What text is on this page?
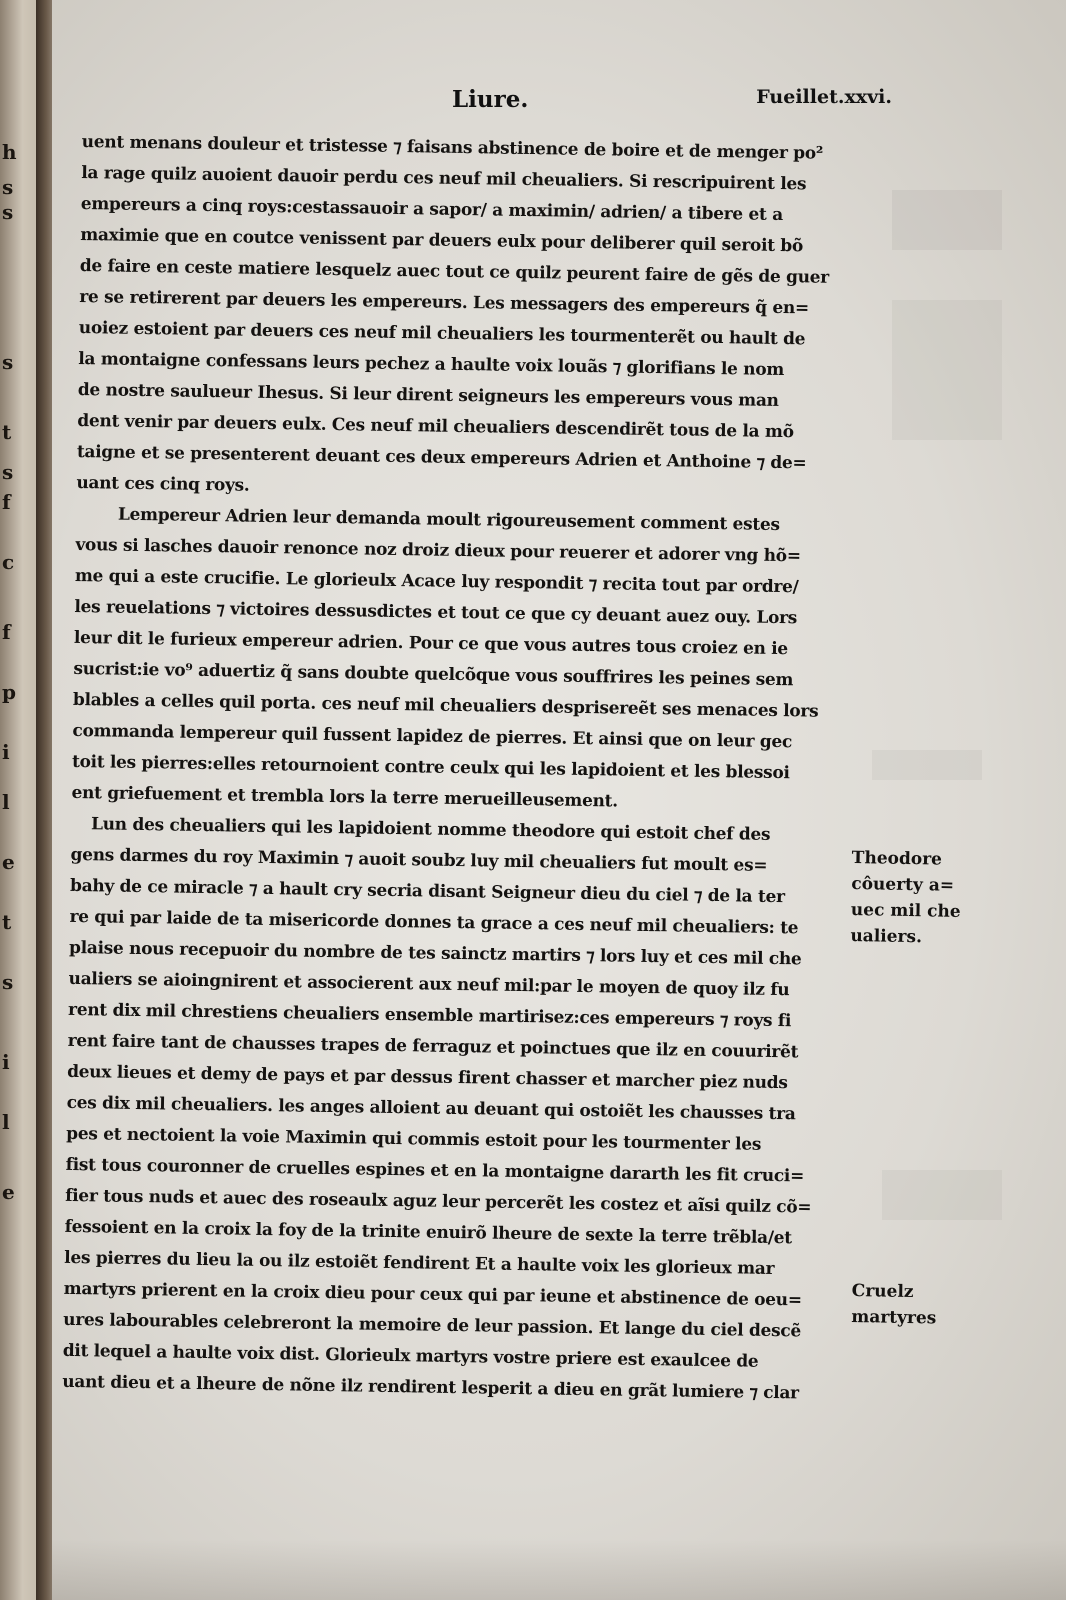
h
s
s
s
t
s
f
c
f
p
i
l
e
t
s
i
l
e
Liure.	Fueillet.xxvi.
uent menans douleur et tristesse ⁊ faisans abstinence de boire et de menger po²
la rage quilz auoient dauoir perdu ces neuf mil cheualiers. Si rescripuirent les
empereurs a cinq roys:cestassauoir a sapor/ a maximin/ adrien/ a tibere et a
maximie que en coutce venissent par deuers eulx pour deliberer quil seroit bõ
de faire en ceste matiere lesquelz auec tout ce quilz peurent faire de gẽs de guer
re se retirerent par deuers les empereurs. Les messagers des empereurs q̃ en=
uoiez estoient par deuers ces neuf mil cheualiers les tourmenterẽt ou hault de
la montaigne confessans leurs pechez a haulte voix louãs ⁊ glorifians le nom
de nostre saulueur Ihesus. Si leur dirent seigneurs les empereurs vous man
dent venir par deuers eulx. Ces neuf mil cheualiers descendirẽt tous de la mõ
taigne et se presenterent deuant ces deux empereurs Adrien et Anthoine ⁊ de=
uant ces cinq roys.
Lempereur Adrien leur demanda moult rigoureusement comment estes
vous si lasches dauoir renonce noz droiz dieux pour reuerer et adorer vng hõ=
me qui a este crucifie. Le glorieulx Acace luy respondit ⁊ recita tout par ordre/
les reuelations ⁊ victoires dessusdictes et tout ce que cy deuant auez ouy. Lors
leur dit le furieux empereur adrien. Pour ce que vous autres tous croiez en ie
sucrist:ie vo⁹ aduertiz q̃ sans doubte quelcõque vous souffrires les peines sem
blables a celles quil porta. ces neuf mil cheualiers desprisereẽt ses menaces lors
commanda lempereur quil fussent lapidez de pierres. Et ainsi que on leur gec
toit les pierres:elles retournoient contre ceulx qui les lapidoient et les blessoi
ent griefuement et trembla lors la terre merueilleusement.
Lun des cheualiers qui les lapidoient nomme theodore qui estoit chef des
gens darmes du roy Maximin ⁊ auoit soubz luy mil cheualiers fut moult es=
bahy de ce miracle ⁊ a hault cry secria disant Seigneur dieu du ciel ⁊ de la ter
re qui par laide de ta misericorde donnes ta grace a ces neuf mil cheualiers: te
plaise nous recepuoir du nombre de tes sainctz martirs ⁊ lors luy et ces mil che
ualiers se aioingnirent et associerent aux neuf mil:par le moyen de quoy ilz fu
rent dix mil chrestiens cheualiers ensemble martirisez:ces empereurs ⁊ roys fi
rent faire tant de chausses trapes de ferraguz et poinctues que ilz en couurirẽt
deux lieues et demy de pays et par dessus firent chasser et marcher piez nuds
ces dix mil cheualiers. les anges alloient au deuant qui ostoiẽt les chausses tra
pes et nectoient la voie Maximin qui commis estoit pour les tourmenter les
fist tous couronner de cruelles espines et en la montaigne dararth les fit cruci=
fier tous nuds et auec des roseaulx aguz leur percerẽt les costez et aĩsi quilz cõ=
fessoient en la croix la foy de la trinite enuirõ lheure de sexte la terre trẽbla/et
les pierres du lieu la ou ilz estoiẽt fendirent Et a haulte voix les glorieux mar
martyrs prierent en la croix dieu pour ceux qui par ieune et abstinence de oeu=
ures labourables celebreront la memoire de leur passion. Et lange du ciel descẽ
dit lequel a haulte voix dist. Glorieulx martyrs vostre priere est exaulcee de
uant dieu et a lheure de nõne ilz rendirent lesperit a dieu en grãt lumiere ⁊ clar
Theodore
côuerty a=
uec mil che
ualiers.
Cruelz
martyres
